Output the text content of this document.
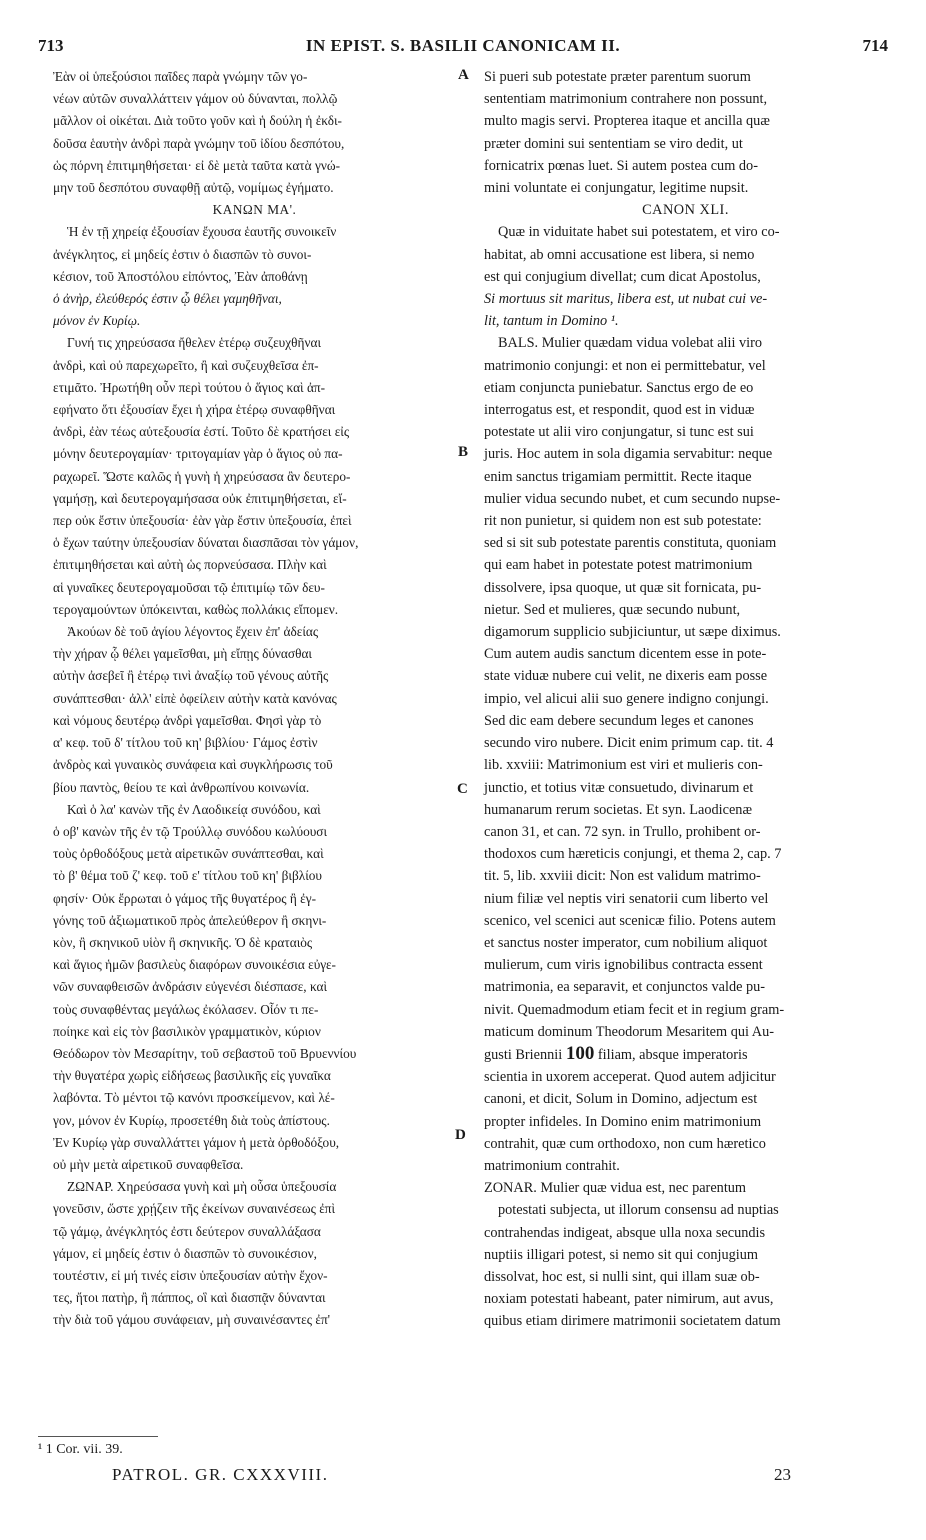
713	IN EPIST. S. BASILII CANONICAM II.	714
Ἐὰν οἱ ὑπεξούσιοι παῖδες παρὰ γνώμην τῶν γο-
νέων αὐτῶν συναλλάττειν γάμον οὐ δύνανται, πολλῷ
μᾶλλον οἱ οἰκέται. Διὰ τοῦτο γοῦν καὶ ἡ δούλη ἡ ἐκδι-
δοῦσα ἑαυτὴν ἀνδρὶ παρὰ γνώμην τοῦ ἰδίου δεσπότου,
ὡς πόρνη ἐπιτιμηθήσεται· εἰ δὲ μετὰ ταῦτα κατὰ γνώ-
μην τοῦ δεσπότου συναφθῇ αὐτῷ, νομίμως ἐγήματο.
ΚΑΝΩΝ ΜΑ'.
Ἡ ἐν τῇ χηρείᾳ ἐξουσίαν ἔχουσα ἑαυτῆς συνοικεῖν
ἀνέγκλητος, εἰ μηδείς ἐστιν ὁ διασπῶν τὸ συνοι-
κέσιον, τοῦ Ἀποστόλου εἰπόντος, Ἐὰν ἀποθάνῃ
ὁ ἀνὴρ, ἐλεύθερός ἐστιν ᾧ θέλει γαμηθῆναι,
μόνον ἐν Κυρίῳ.
Γυνή τις χηρεύσασα ἤθελεν ἑτέρῳ συζευχθῆναι
ἀνδρὶ, καὶ οὐ παρεχωρεῖτο, ἢ καὶ συζευχθεῖσα ἐπ-
ετιμᾶτο. Ἠρωτήθη οὖν περὶ τούτου ὁ ἅγιος καὶ ἀπ-
εφήνατο ὅτι ἐξουσίαν ἔχει ἡ χήρα ἑτέρῳ συναφθῆναι
ἀνδρὶ, ἐὰν τέως αὐτεξουσία ἐστί. Τοῦτο δὲ κρατήσει εἰς
μόνην δευτερογαμίαν· τριτογαμίαν γὰρ ὁ ἅγιος οὐ πα-
ραχωρεῖ. Ὥστε καλῶς ἡ γυνὴ ἡ χηρεύσασα ἂν δευτερο-
γαμήσῃ, καὶ δευτερογαμήσασα οὐκ ἐπιτιμηθήσεται, εἴ-
περ οὐκ ἔστιν ὑπεξουσία· ἐὰν γὰρ ἔστιν ὑπεξουσία, ἐπεὶ
ὁ ἔχων ταύτην ὑπεξουσίαν δύναται διασπᾶσαι τὸν γάμον,
ἐπιτιμηθήσεται καὶ αὐτὴ ὡς πορνεύσασα. Πλὴν καὶ
αἱ γυναῖκες δευτερογαμοῦσαι τῷ ἐπιτιμίῳ τῶν δευ-
τερογαμούντων ὑπόκεινται, καθὼς πολλάκις εἴπομεν.
Ἀκούων δὲ τοῦ ἁγίου λέγοντος ἔχειν ἐπ' ἀδείας
τὴν χήραν ᾧ θέλει γαμεῖσθαι, μὴ εἴπῃς δύνασθαι
αὐτὴν ἀσεβεῖ ἢ ἑτέρῳ τινὶ ἀναξίῳ τοῦ γένους αὐτῆς
συνάπτεσθαι· ἀλλ' εἰπὲ ὀφείλειν αὐτὴν κατὰ κανόνας
καὶ νόμους δευτέρῳ ἀνδρὶ γαμεῖσθαι. Φησὶ γὰρ τὸ
α' κεφ. τοῦ δ' τίτλου τοῦ κη' βιβλίου· Γάμος ἐστὶν
ἀνδρὸς καὶ γυναικὸς συνάφεια καὶ συγκλήρωσις τοῦ
βίου παντὸς, θείου τε καὶ ἀνθρωπίνου κοινωνία.
Καὶ ὁ λα' κανὼν τῆς ἐν Λαοδικείᾳ συνόδου, καὶ
ὁ οβ' κανὼν τῆς ἐν τῷ Τρούλλῳ συνόδου κωλύουσι
τοὺς ὀρθοδόξους μετὰ αἱρετικῶν συνάπτεσθαι, καὶ
τὸ β' θέμα τοῦ ζ' κεφ. τοῦ ε' τίτλου τοῦ κη' βιβλίου
φησίν· Οὐκ ἔρρωται ὁ γάμος τῆς θυγατέρος ἢ ἐγ-
γόνης τοῦ ἀξιωματικοῦ πρὸς ἀπελεύθερον ἢ σκηνι-
κὸν, ἢ σκηνικοῦ υἱὸν ἢ σκηνικῆς. Ὁ δὲ κραταιὸς
καὶ ἅγιος ἡμῶν βασιλεὺς διαφόρων συνοικέσια εὐγε-
νῶν συναφθεισῶν ἀνδράσιν εὐγενέσι διέσπασε, καὶ
τοὺς συναφθέντας μεγάλως ἐκόλασεν. Οἷόν τι πε-
ποίηκε καὶ εἰς τὸν βασιλικὸν γραμματικὸν, κύριον
Θεόδωρον τὸν Μεσαρίτην, τοῦ σεβαστοῦ τοῦ Βρυεννίου
τὴν θυγατέρα χωρὶς εἰδήσεως βασιλικῆς εἰς γυναῖκα
λαβόντα. Τὸ μέντοι τῷ κανόνι προσκείμενον, καὶ λέ-
γον, μόνον ἐν Κυρίῳ, προσετέθη διὰ τοὺς ἀπίστους.
Ἐν Κυρίῳ γὰρ συναλλάττει γάμον ἡ μετὰ ὀρθοδόξου,
οὐ μὴν μετὰ αἱρετικοῦ συναφθεῖσα.
ΖΩΝΑΡ. Χηρεύσασα γυνὴ καὶ μὴ οὖσα ὑπεξουσία
γονεῦσιν, ὥστε χρῄζειν τῆς ἐκείνων συναινέσεως ἐπὶ
τῷ γάμῳ, ἀνέγκλητός ἐστι δεύτερον συναλλάξασα
γάμον, εἰ μηδείς ἐστιν ὁ διασπῶν τὸ συνοικέσιον,
τουτέστιν, εἰ μή τινές εἰσιν ὑπεξουσίαν αὐτὴν ἔχον-
τες, ἤτοι πατὴρ, ἢ πάππος, οἳ καὶ διασπᾷν δύνανται
τὴν διὰ τοῦ γάμου συνάφειαν, μὴ συναινέσαντες ἐπ'
Si pueri sub potestate præter parentum suorum
sententiam matrimonium contrahere non possunt,
multo magis servi. Propterea itaque et ancilla quæ
præter domini sui sententiam se viro dedit, ut
fornicatrix pœnas luet. Si autem postea cum do-
mini voluntate ei conjungatur, legitime nupsit.
CANON XLI.
Quæ in viduitate habet sui potestatem, et viro co-
habitat, ab omni accusatione est libera, si nemo
est qui conjugium divellat; cum dicat Apostolus,
Si mortuus sit maritus, libera est, ut nubat cui ve-
lit, tantum in Domino ¹.
BALS. Mulier quædam vidua volebat alii viro
matrimonio conjungi: et non ei permittebatur, vel
etiam conjuncta puniebatur. Sanctus ergo de eo
interrogatus est, et respondit, quod est in viduæ
potestate ut alii viro conjungatur, si tunc est sui
juris. Hoc autem in sola digamia servabitur: neque
enim sanctus trigamiam permittit. Recte itaque
mulier vidua secundo nubet, et cum secundo nupse-
rit non punietur, si quidem non est sub potestate:
sed si sit sub potestate parentis constituta, quoniam
qui eam habet in potestate potest matrimonium
dissolvere, ipsa quoque, ut quæ sit fornicata, pu-
nietur. Sed et mulieres, quæ secundo nubunt,
digamorum supplicio subjiciuntur, ut sæpe diximus.
Cum autem audis sanctum dicentem esse in pote-
state viduæ nubere cui velit, ne dixeris eam posse
impio, vel alicui alii suo genere indigno conjungi.
Sed dic eam debere secundum leges et canones
secundo viro nubere. Dicit enim primum cap. tit. 4
lib. xxviii: Matrimonium est viri et mulieris con-
junctio, et totius vitæ consuetudo, divinarum et
humanarum rerum societas. Et syn. Laodicenæ
canon 31, et can. 72 syn. in Trullo, prohibent or-
thodoxos cum hæreticis conjungi, et thema 2, cap. 7
tit. 5, lib. xxviii dicit: Non est validum matrimo-
nium filiæ vel neptis viri senatorii cum liberto vel
scenico, vel scenici aut scenicæ filio. Potens autem
et sanctus noster imperator, cum nobilium aliquot
mulierum, cum viris ignobilibus contracta essent
matrimonia, ea separavit, et conjunctos valde pu-
nivit. Quemadmodum etiam fecit et in regium gram-
maticum dominum Theodorum Mesaritem qui Au-
gusti Briennii 100 filiam, absque imperatoris
scientia in uxorem acceperat. Quod autem adjicitur
canoni, et dicit, Solum in Domino, adjectum est
propter infideles. In Domino enim matrimonium
contrahit, quæ cum orthodoxo, non cum hæretico
matrimonium contrahit.
ZONAR. Mulier quæ vidua est, nec parentum
potestati subjecta, ut illorum consensu ad nuptias
contrahendas indigeat, absque ulla noxa secundis
nuptiis illigari potest, si nemo sit qui conjugium
dissolvat, hoc est, si nulli sint, qui illam suæ ob-
noxiam potestati habeant, pater nimirum, aut avus,
quibus etiam dirimere matrimonii societatem datum
A
B
C
D
¹ 1 Cor. vii. 39.
PATROL. GR. CXXXVIII.	23
